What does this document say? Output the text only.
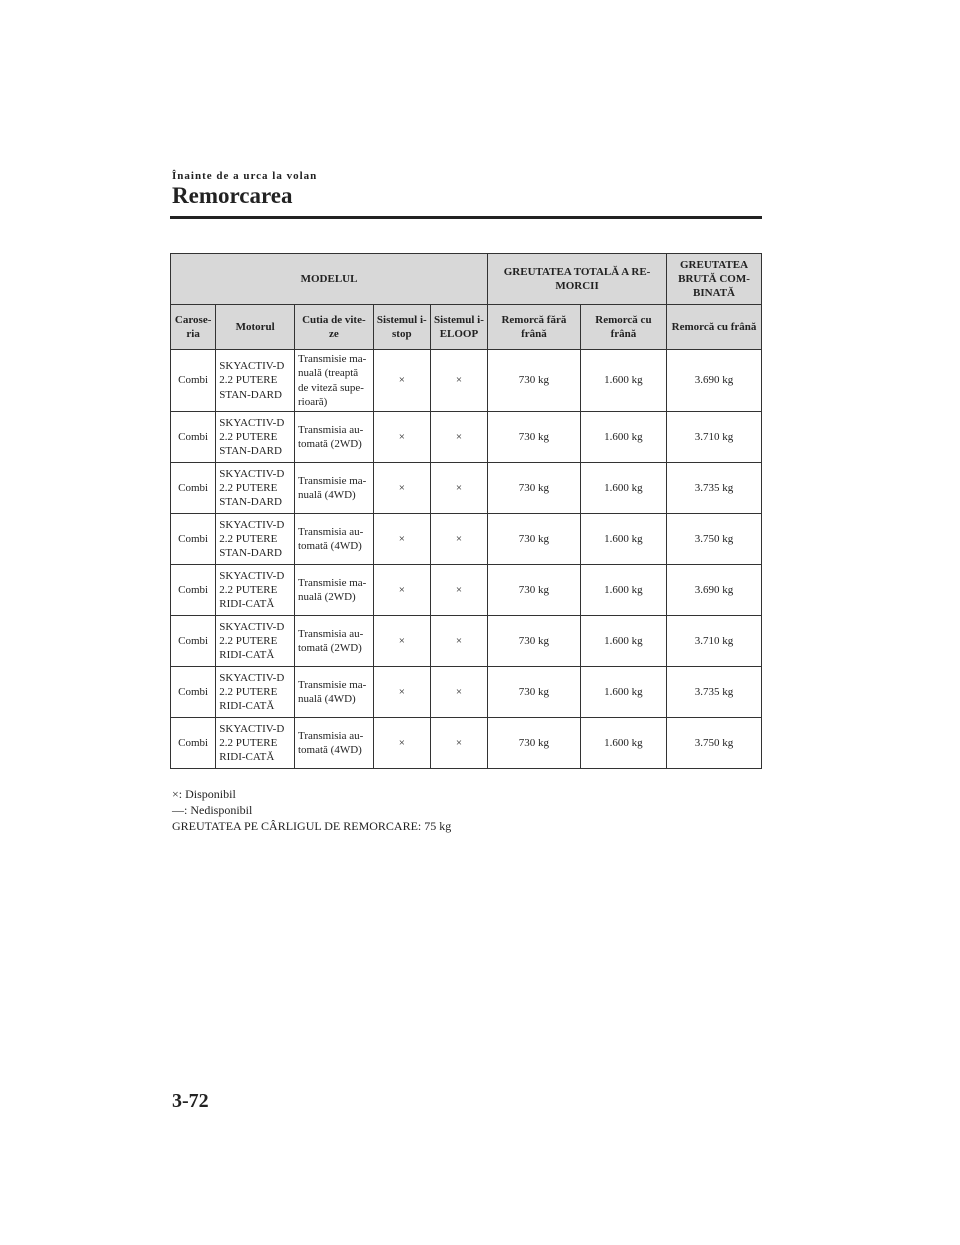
Înainte de a urca la volan
Remorcarea
MODELUL					GREUTATEA TOTALĂ A RE-MORCII		GREUTATEA BRUTĂ COM-BINATĂ
Carose-ria	Motorul	Cutia de vite-ze	Sistemul i-stop	Sistemul i-ELOOP	Remorcă fără frână	Remorcă cu frână	Remorcă cu frână
Combi	SKYACTIV-D 2.2 PUTERE STAN-DARD	Transmisie ma-nuală (treaptă de viteză supe-rioară)	×	×	730 kg	1.600 kg	3.690 kg
Combi	SKYACTIV-D 2.2 PUTERE STAN-DARD	Transmisia au-tomată (2WD)	×	×	730 kg	1.600 kg	3.710 kg
Combi	SKYACTIV-D 2.2 PUTERE STAN-DARD	Transmisie ma-nuală (4WD)	×	×	730 kg	1.600 kg	3.735 kg
Combi	SKYACTIV-D 2.2 PUTERE STAN-DARD	Transmisia au-tomată (4WD)	×	×	730 kg	1.600 kg	3.750 kg
Combi	SKYACTIV-D 2.2 PUTERE RIDI-CATĂ	Transmisie ma-nuală (2WD)	×	×	730 kg	1.600 kg	3.690 kg
Combi	SKYACTIV-D 2.2 PUTERE RIDI-CATĂ	Transmisia au-tomată (2WD)	×	×	730 kg	1.600 kg	3.710 kg
Combi	SKYACTIV-D 2.2 PUTERE RIDI-CATĂ	Transmisie ma-nuală (4WD)	×	×	730 kg	1.600 kg	3.735 kg
Combi	SKYACTIV-D 2.2 PUTERE RIDI-CATĂ	Transmisia au-tomată (4WD)	×	×	730 kg	1.600 kg	3.750 kg
×: Disponibil
―: Nedisponibil
GREUTATEA PE CÂRLIGUL DE REMORCARE: 75 kg
3-72
